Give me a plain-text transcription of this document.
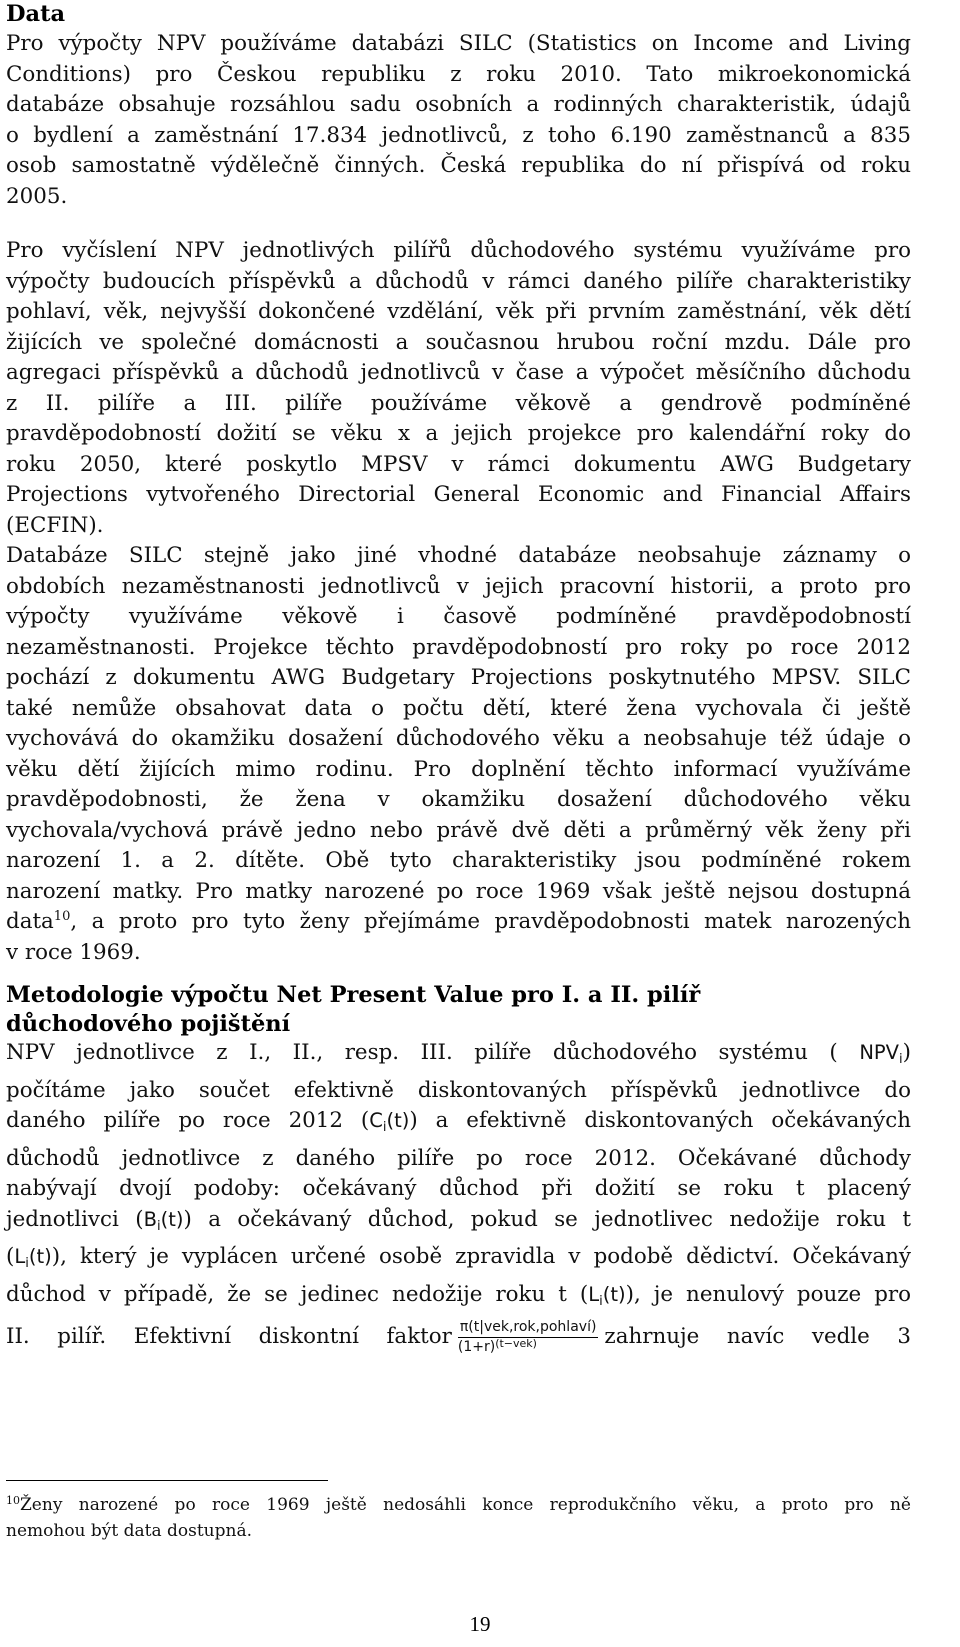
Data
Pro výpočty NPV používáme databázi SILC (Statistics on Income and Living
Conditions) pro Českou republiku z roku 2010. Tato mikroekonomická
databáze obsahuje rozsáhlou sadu osobních a rodinných charakteristik, údajů
o bydlení a zaměstnání 17.834 jednotlivců, z toho 6.190 zaměstnanců a 835
osob samostatně výdělečně činných. Česká republika do ní přispívá od roku
2005.
Pro vyčíslení NPV jednotlivých pilířů důchodového systému využíváme pro
výpočty budoucích příspěvků a důchodů v rámci daného pilíře charakteristiky
pohlaví, věk, nejvyšší dokončené vzdělání, věk při prvním zaměstnání, věk dětí
žijících ve společné domácnosti a současnou hrubou roční mzdu. Dále pro
agregaci příspěvků a důchodů jednotlivců v čase a výpočet měsíčního důchodu
z II. pilíře a III. pilíře používáme věkově a gendrově podmíněné
pravděpodobností dožití se věku x a jejich projekce pro kalendářní roky do
roku 2050, které poskytlo MPSV v rámci dokumentu AWG Budgetary
Projections vytvořeného Directorial General Economic and Financial Affairs
(ECFIN).
Databáze SILC stejně jako jiné vhodné databáze neobsahuje záznamy o
obdobích nezaměstnanosti jednotlivců v jejich pracovní historii, a proto pro
výpočty využíváme věkově i časově podmíněné pravděpodobností
nezaměstnanosti. Projekce těchto pravděpodobností pro roky po roce 2012
pochází z dokumentu AWG Budgetary Projections poskytnutého MPSV. SILC
také nemůže obsahovat data o počtu dětí, které žena vychovala či ještě
vychovává do okamžiku dosažení důchodového věku a neobsahuje též údaje o
věku dětí žijících mimo rodinu. Pro doplnění těchto informací využíváme
pravděpodobnosti, že žena v okamžiku dosažení důchodového věku
vychovala/vychová právě jedno nebo právě dvě děti a průměrný věk ženy při
narození 1. a 2. dítěte. Obě tyto charakteristiky jsou podmíněné rokem
narození matky. Pro matky narozené po roce 1969 však ještě nejsou dostupná
data$^{10}$, a proto pro tyto ženy přejímáme pravděpodobnosti matek narozených
v roce 1969.
Metodologie výpočtu Net Present Value pro I. a II. pilíř
důchodového pojištění
NPV jednotlivce z I., II., resp. III. pilíře důchodového systému ( $NPV_i$)
počítáme jako součet efektivně diskontovaných příspěvků jednotlivce do
daného pilíře po roce 2012 $(C_i(t))$ a efektivně diskontovaných očekávaných
důchodů jednotlivce z daného pilíře po roce 2012. Očekávané důchody
nabývají dvojí podoby: očekávaný důchod při dožití se roku t placený
jednotlivci $(B_i(t))$ a očekávaný důchod, pokud se jednotlivec nedožije roku t
$(L_i(t))$, který je vyplácen určené osobě zpravidla v podobě dědictví. Očekávaný
důchod v případě, že se jedinec nedožije roku t $(L_i(t))$, je nenulový pouze pro
II. pilíř. Efektivní diskontní faktor $\frac{\text{π(t|vek,rok,pohlaví)}}{(1+r)^{(t-vek)}}$ zahrnuje navíc vedle 3
$^{10}$Ženy narozené po roce 1969 ještě nedosáhli konce reprodukčního věku, a proto pro ně
nemohou být data dostupná.
19
